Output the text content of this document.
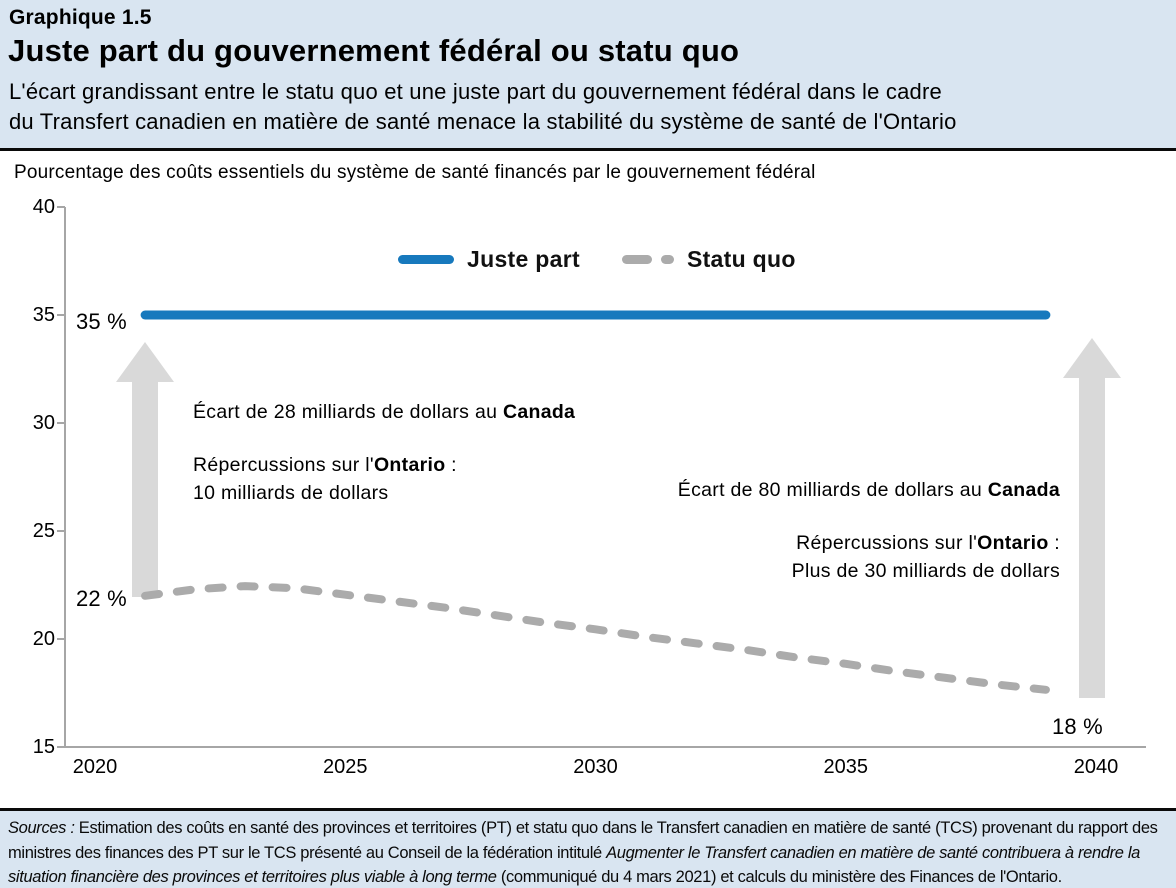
Graphique 1.5
Juste part du gouvernement fédéral ou statu quo
L'écart grandissant entre le statu quo et une juste part du gouvernement fédéral dans le cadre
du Transfert canadien en matière de santé menace la stabilité du système de santé de l'Ontario
Pourcentage des coûts essentiels du système de santé financés par le gouvernement fédéral
40
35
30
25
20
15
2020	2025	2030	2035	2040
Juste part	Statu quo
35 %
22 %
18 %
Écart de 28 milliards de dollars au Canada
Répercussions sur l'Ontario :
10 milliards de dollars	Écart de 80 milliards de dollars au Canada
Répercussions sur l'Ontario :
Plus de 30 milliards de dollars

Sources : Estimation des coûts en santé des provinces et territoires (PT) et statu quo dans le Transfert canadien en matière de santé (TCS) provenant du rapport des ministres des finances des PT sur le TCS présenté au Conseil de la fédération intitulé Augmenter le Transfert canadien en matière de santé contribuera à rendre la situation financière des provinces et territoires plus viable à long terme (communiqué du 4 mars 2021) et calculs du ministère des Finances de l'Ontario.
